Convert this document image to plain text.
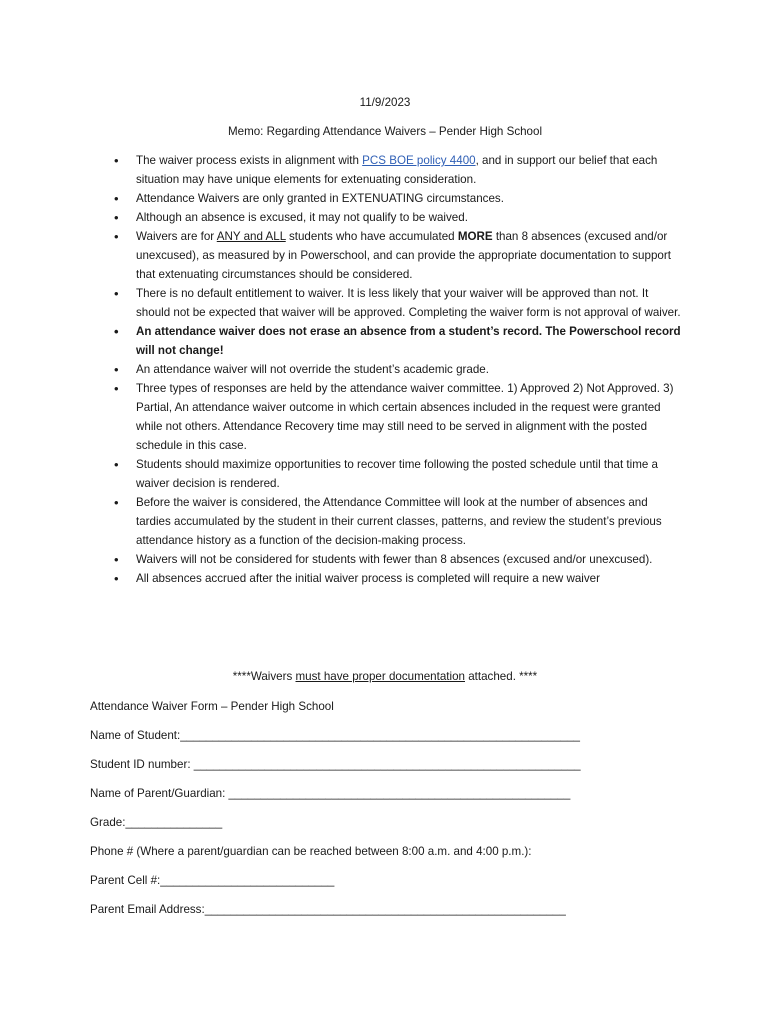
11/9/2023
Memo: Regarding Attendance Waivers – Pender High School
• The waiver process exists in alignment with PCS BOE policy 4400, and in support our belief that each situation may have unique elements for extenuating consideration.
• Attendance Waivers are only granted in EXTENUATING circumstances.
• Although an absence is excused, it may not qualify to be waived.
• Waivers are for ANY and ALL students who have accumulated MORE than 8 absences (excused and/or unexcused), as measured by in Powerschool, and can provide the appropriate documentation to support that extenuating circumstances should be considered.
• There is no default entitlement to waiver. It is less likely that your waiver will be approved than not. It should not be expected that waiver will be approved. Completing the waiver form is not approval of waiver.
• An attendance waiver does not erase an absence from a student’s record. The Powerschool record will not change!
• An attendance waiver will not override the student’s academic grade.
• Three types of responses are held by the attendance waiver committee. 1) Approved 2) Not Approved. 3) Partial, An attendance waiver outcome in which certain absences included in the request were granted while not others. Attendance Recovery time may still need to be served in alignment with the posted schedule in this case.
• Students should maximize opportunities to recover time following the posted schedule until that time a waiver decision is rendered.
• Before the waiver is considered, the Attendance Committee will look at the number of absences and tardies accumulated by the student in their current classes, patterns, and review the student’s previous attendance history as a function of the decision-making process.
• Waivers will not be considered for students with fewer than 8 absences (excused and/or unexcused).
• All absences accrued after the initial waiver process is completed will require a new waiver
****Waivers must have proper documentation attached. ****
Attendance Waiver Form – Pender High School
Name of Student:______________________________________________________________
Student ID number: ____________________________________________________________
Name of Parent/Guardian: _____________________________________________________
Grade:_______________
Phone # (Where a parent/guardian can be reached between 8:00 a.m. and 4:00 p.m.):
Parent Cell #:___________________________
Parent Email Address:________________________________________________________
